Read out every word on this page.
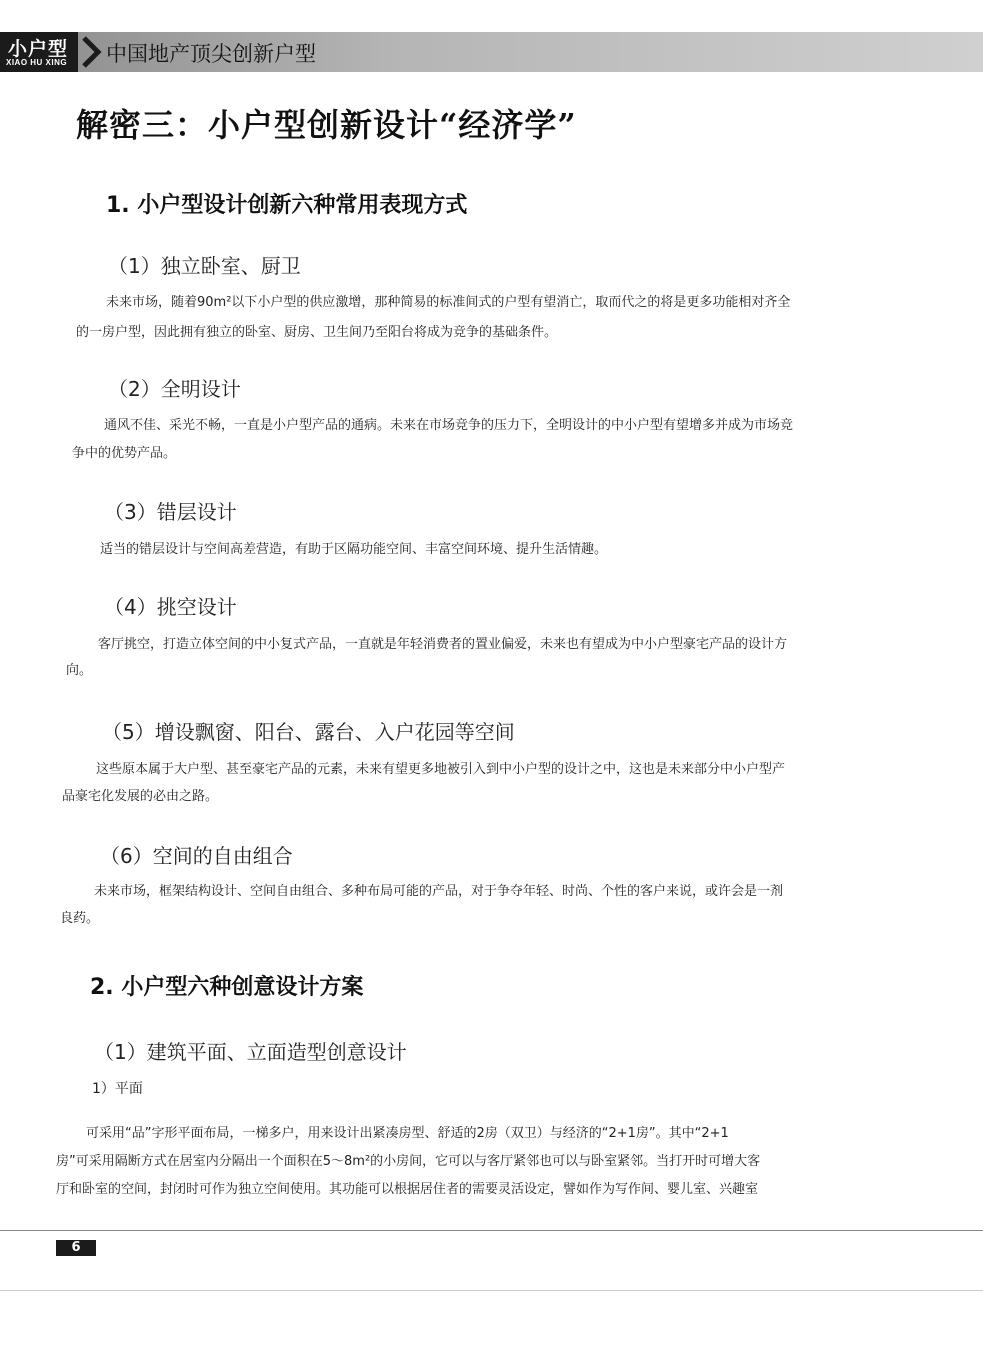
小户型
XIAO HU XING 中国地产顶尖创新户型
解密三：小户型创新设计“经济学”
1. 小户型设计创新六种常用表现方式
（1）独立卧室、厨卫
未来市场，随着90m²以下小户型的供应激增，那种简易的标准间式的户型有望消亡，取而代之的将是更多功能相对齐全
的一房户型，因此拥有独立的卧室、厨房、卫生间乃至阳台将成为竞争的基础条件。
（2）全明设计
通风不佳、采光不畅，一直是小户型产品的通病。未来在市场竞争的压力下，全明设计的中小户型有望增多并成为市场竞
争中的优势产品。
（3）错层设计
适当的错层设计与空间高差营造，有助于区隔功能空间、丰富空间环境、提升生活情趣。
（4）挑空设计
客厅挑空，打造立体空间的中小复式产品，一直就是年轻消费者的置业偏爱，未来也有望成为中小户型豪宅产品的设计方
向。
（5）增设飘窗、阳台、露台、入户花园等空间
这些原本属于大户型、甚至豪宅产品的元素，未来有望更多地被引入到中小户型的设计之中，这也是未来部分中小户型产
品豪宅化发展的必由之路。
（6）空间的自由组合
未来市场，框架结构设计、空间自由组合、多种布局可能的产品，对于争夺年轻、时尚、个性的客户来说，或许会是一剂
良药。
2. 小户型六种创意设计方案
（1）建筑平面、立面造型创意设计
1）平面
可采用“品”字形平面布局，一梯多户，用来设计出紧凑房型、舒适的2房（双卫）与经济的“2+1房”。其中“2+1
房”可采用隔断方式在居室内分隔出一个面积在5～8m²的小房间，它可以与客厅紧邻也可以与卧室紧邻。当打开时可增大客
厅和卧室的空间，封闭时可作为独立空间使用。其功能可以根据居住者的需要灵活设定，譬如作为写作间、婴儿室、兴趣室
6
